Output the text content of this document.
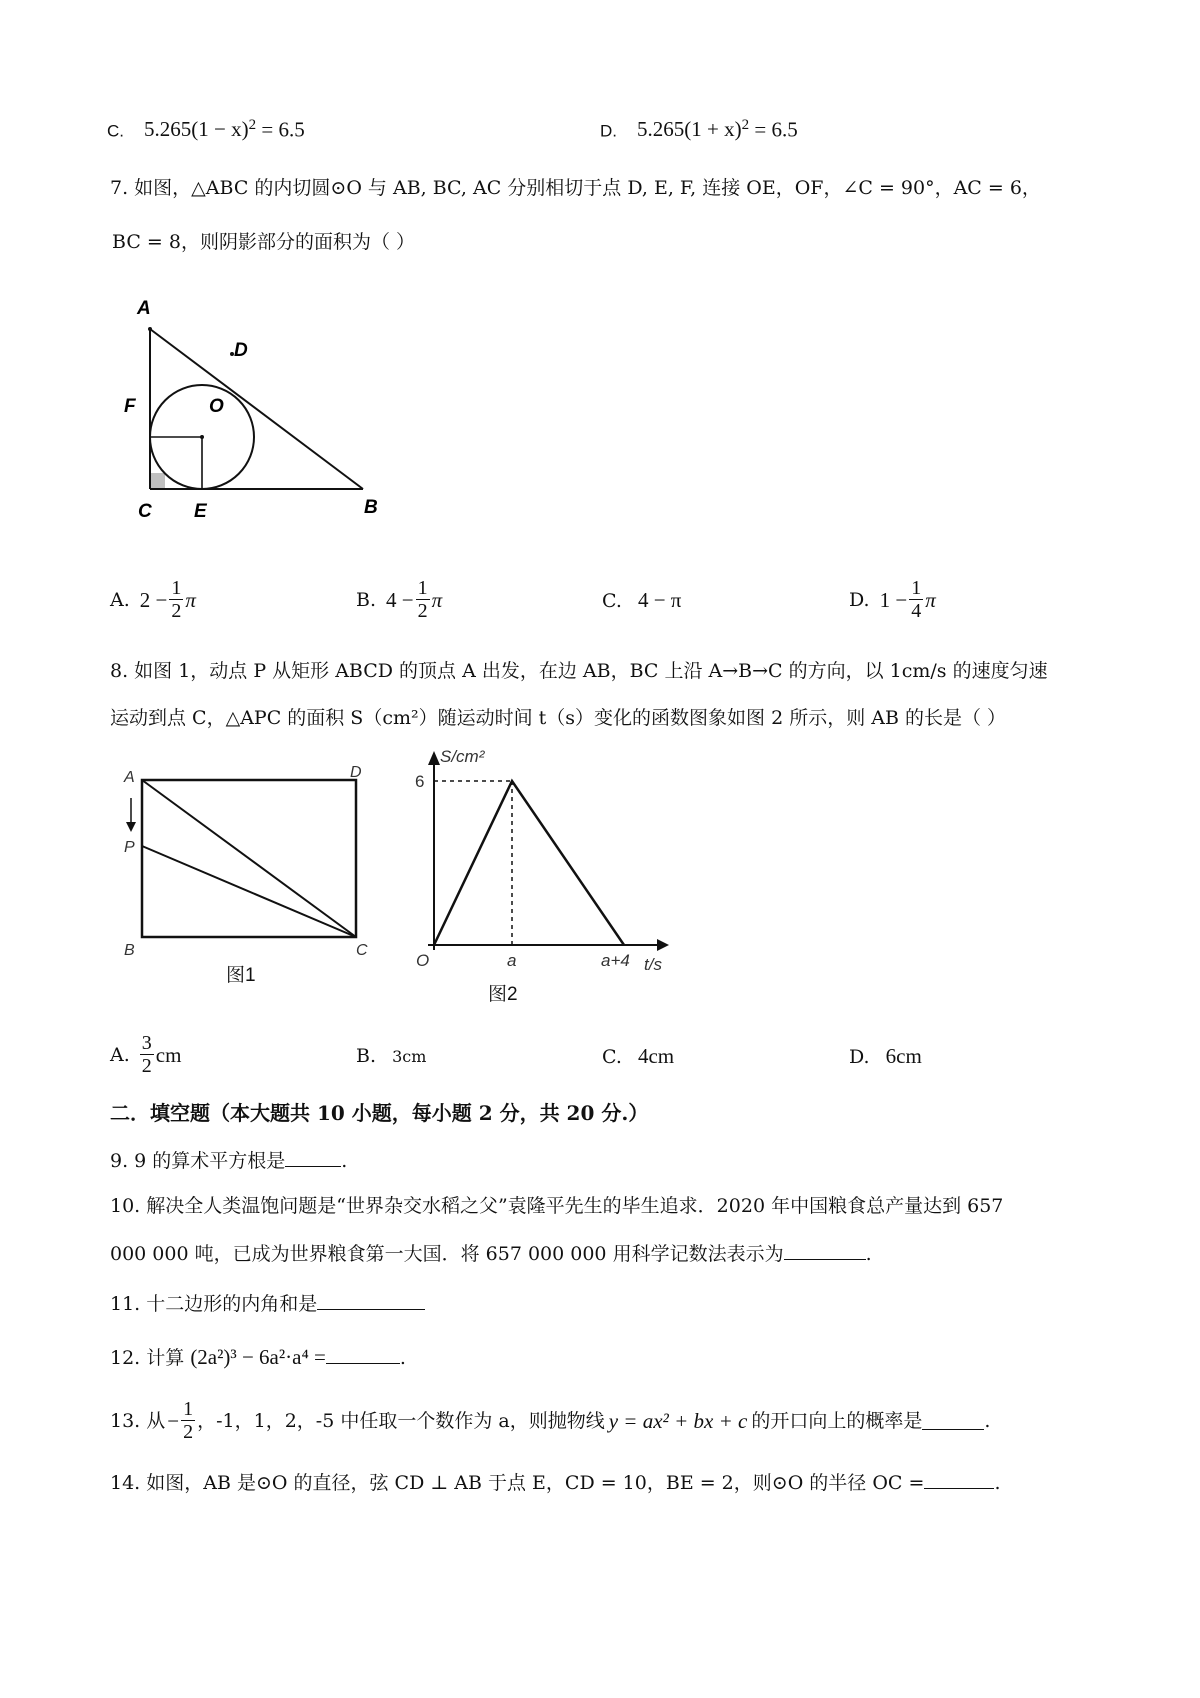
C. $5.265(1 - x)^2 = 6.5$	D. $5.265(1 + x)^2 = 6.5$
7. 如图，△ABC 的内切圆⊙O 与 AB, BC, AC 分别相切于点 D, E, F, 连接 OE，OF，∠C = 90°，AC = 6，
BC = 8，则阴影部分的面积为（ ）
A
D
F	O
C E	B
A. $2 - \frac{1}{2}$ π	B. $4 - \frac{1}{2}$ π	C. 4 − π	D. $1 - \frac{1}{4}$ π
8. 如图 1，动点 P 从矩形 ABCD 的顶点 A 出发，在边 AB，BC 上沿 A→B→C 的方向，以 1cm/s 的速度匀速
运动到点 C，△APC 的面积 S（cm²）随运动时间 t（s）变化的函数图象如图 2 所示，则 AB 的长是（ ）
A	D
P
B	C
图1
S/cm²
6
O	a	a+4 t/s
图2
A. $\frac{3}{2}$ cm	B. 3cm	C. 4cm	D. 6cm
二．填空题（本大题共 10 小题，每小题 2 分，共 20 分.）
9. 9 的算术平方根是	.
10. 解决全人类温饱问题是“世界杂交水稻之父”袁隆平先生的毕生追求．2020 年中国粮食总产量达到 657
000 000 吨，已成为世界粮食第一大国．将 657 000 000 用科学记数法表示为	.
11. 十二边形的内角和是
12. 计算 (2a²)³ − 6a²·a⁴ =	.
13. 从 − $\frac{1}{2}$ ，-1，1，2，-5 中任取一个数作为 a，则抛物线 y = ax² + bx + c 的开口向上的概率是	.
14. 如图，AB 是⊙O 的直径，弦 CD ⊥ AB 于点 E，CD = 10，BE = 2，则⊙O 的半径 OC =	.
